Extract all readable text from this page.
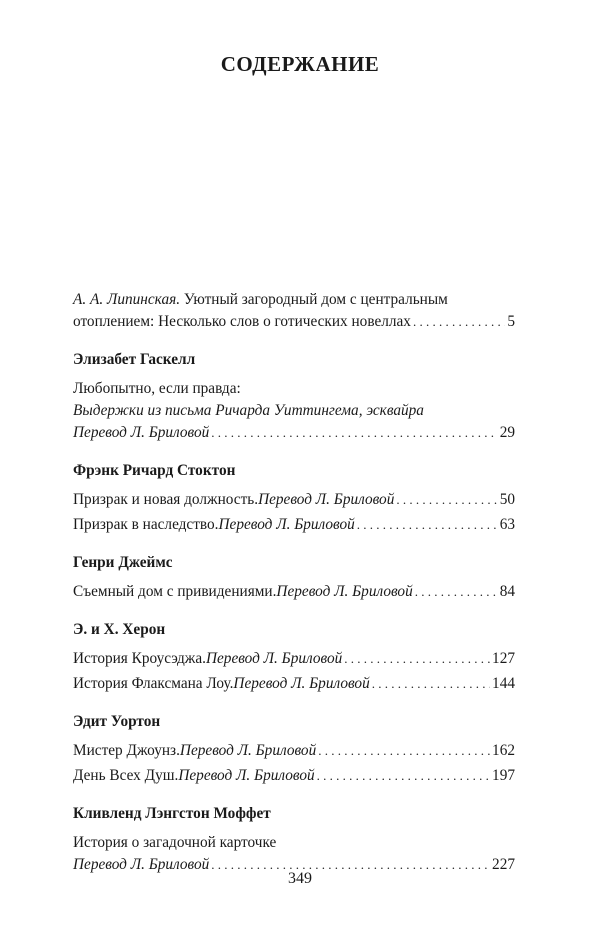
СОДЕРЖАНИЕ
А. А. Липинская. Уютный загородный дом с центральным
отоплением: Несколько слов о готических новеллах . . .	5
Элизабет Гаскелл
Любопытно, если правда:
Выдержки из письма Ричарда Уиттингема, эсквайра
Перевод Л. Бриловой . . .	29
Фрэнк Ричард Стоктон
Призрак и новая должность. Перевод Л. Бриловой . . .	50
Призрак в наследство. Перевод Л. Бриловой . . .	63
Генри Джеймс
Съемный дом с привидениями. Перевод Л. Бриловой . . .	84
Э. и Х. Херон
История Кроусэджа. Перевод Л. Бриловой . . .	127
История Флаксмана Лоу. Перевод Л. Бриловой . . .	144
Эдит Уортон
Мистер Джоунз. Перевод Л. Бриловой . . .	162
День Всех Душ. Перевод Л. Бриловой . . .	197
Кливленд Лэнгстон Моффет
История о загадочной карточке
Перевод Л. Бриловой . . .	227
349
